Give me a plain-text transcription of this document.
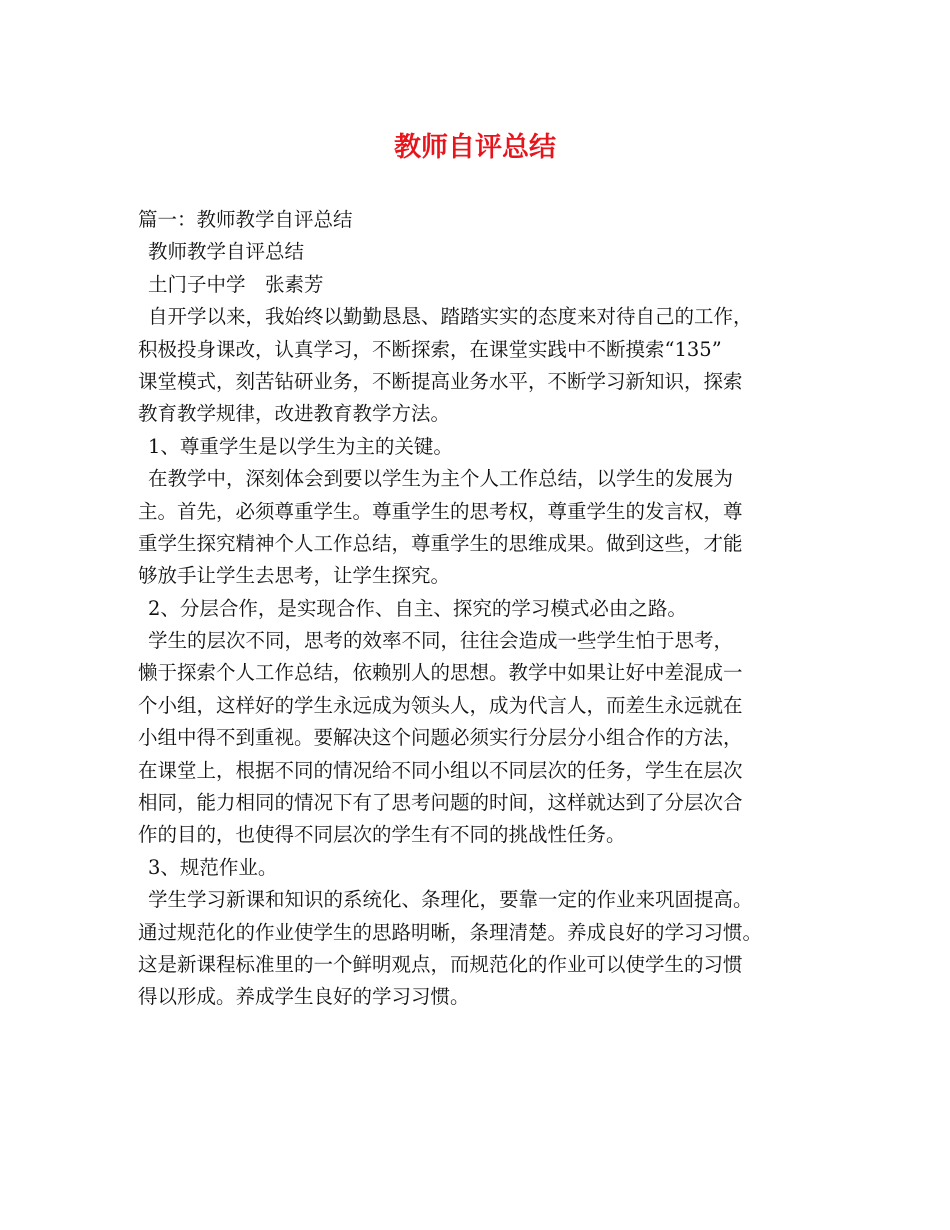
教师自评总结
篇一：教师教学自评总结
教师教学自评总结
土门子中学　张素芳
自开学以来，我始终以勤勤恳恳、踏踏实实的态度来对待自己的工作，
积极投身课改，认真学习，不断探索，在课堂实践中不断摸索“135”
课堂模式，刻苦钻研业务，不断提高业务水平，不断学习新知识，探索
教育教学规律，改进教育教学方法。
1、尊重学生是以学生为主的关键。
在教学中，深刻体会到要以学生为主个人工作总结，以学生的发展为
主。首先，必须尊重学生。尊重学生的思考权，尊重学生的发言权，尊
重学生探究精神个人工作总结，尊重学生的思维成果。做到这些，才能
够放手让学生去思考，让学生探究。
2、分层合作，是实现合作、自主、探究的学习模式必由之路。
学生的层次不同，思考的效率不同，往往会造成一些学生怕于思考，
懒于探索个人工作总结，依赖别人的思想。教学中如果让好中差混成一
个小组，这样好的学生永远成为领头人，成为代言人，而差生永远就在
小组中得不到重视。要解决这个问题必须实行分层分小组合作的方法，
在课堂上，根据不同的情况给不同小组以不同层次的任务，学生在层次
相同，能力相同的情况下有了思考问题的时间，这样就达到了分层次合
作的目的，也使得不同层次的学生有不同的挑战性任务。
3、规范作业。
学生学习新课和知识的系统化、条理化，要靠一定的作业来巩固提高。
通过规范化的作业使学生的思路明晰，条理清楚。养成良好的学习习惯。
这是新课程标准里的一个鲜明观点，而规范化的作业可以使学生的习惯
得以形成。养成学生良好的学习习惯。
